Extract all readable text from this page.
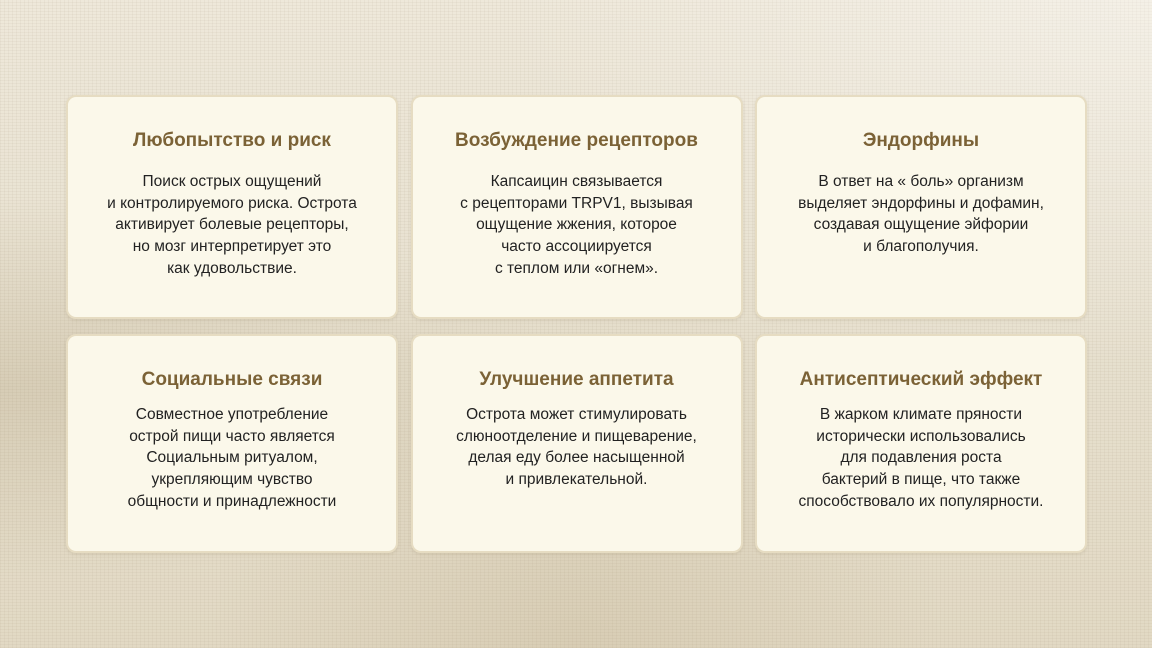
Любопытство и риск

Поиск острых ощущений
и контролируемого риска. Острота
активирует болевые рецепторы,
но мозг интерпретирует это
как удовольствие.

Возбуждение рецепторов

Капсаицин связывается
с рецепторами TRPV1, вызывая
ощущение жжения, которое
часто ассоциируется
с теплом или «огнем».

Эндорфины

В ответ на « боль» организм
выделяет эндорфины и дофамин,
создавая ощущение эйфории
и благополучия.

Социальные связи

Совместное употребление
острой пищи часто является
Социальным ритуалом,
укрепляющим чувство
общности и принадлежности

Улучшение аппетита

Острота может стимулировать
слюноотделение и пищеварение,
делая еду более насыщенной
и привлекательной.

Антисептический эффект

В жарком климате пряности
исторически использовались
для подавления роста
бактерий в пище, что также
способствовало их популярности.
